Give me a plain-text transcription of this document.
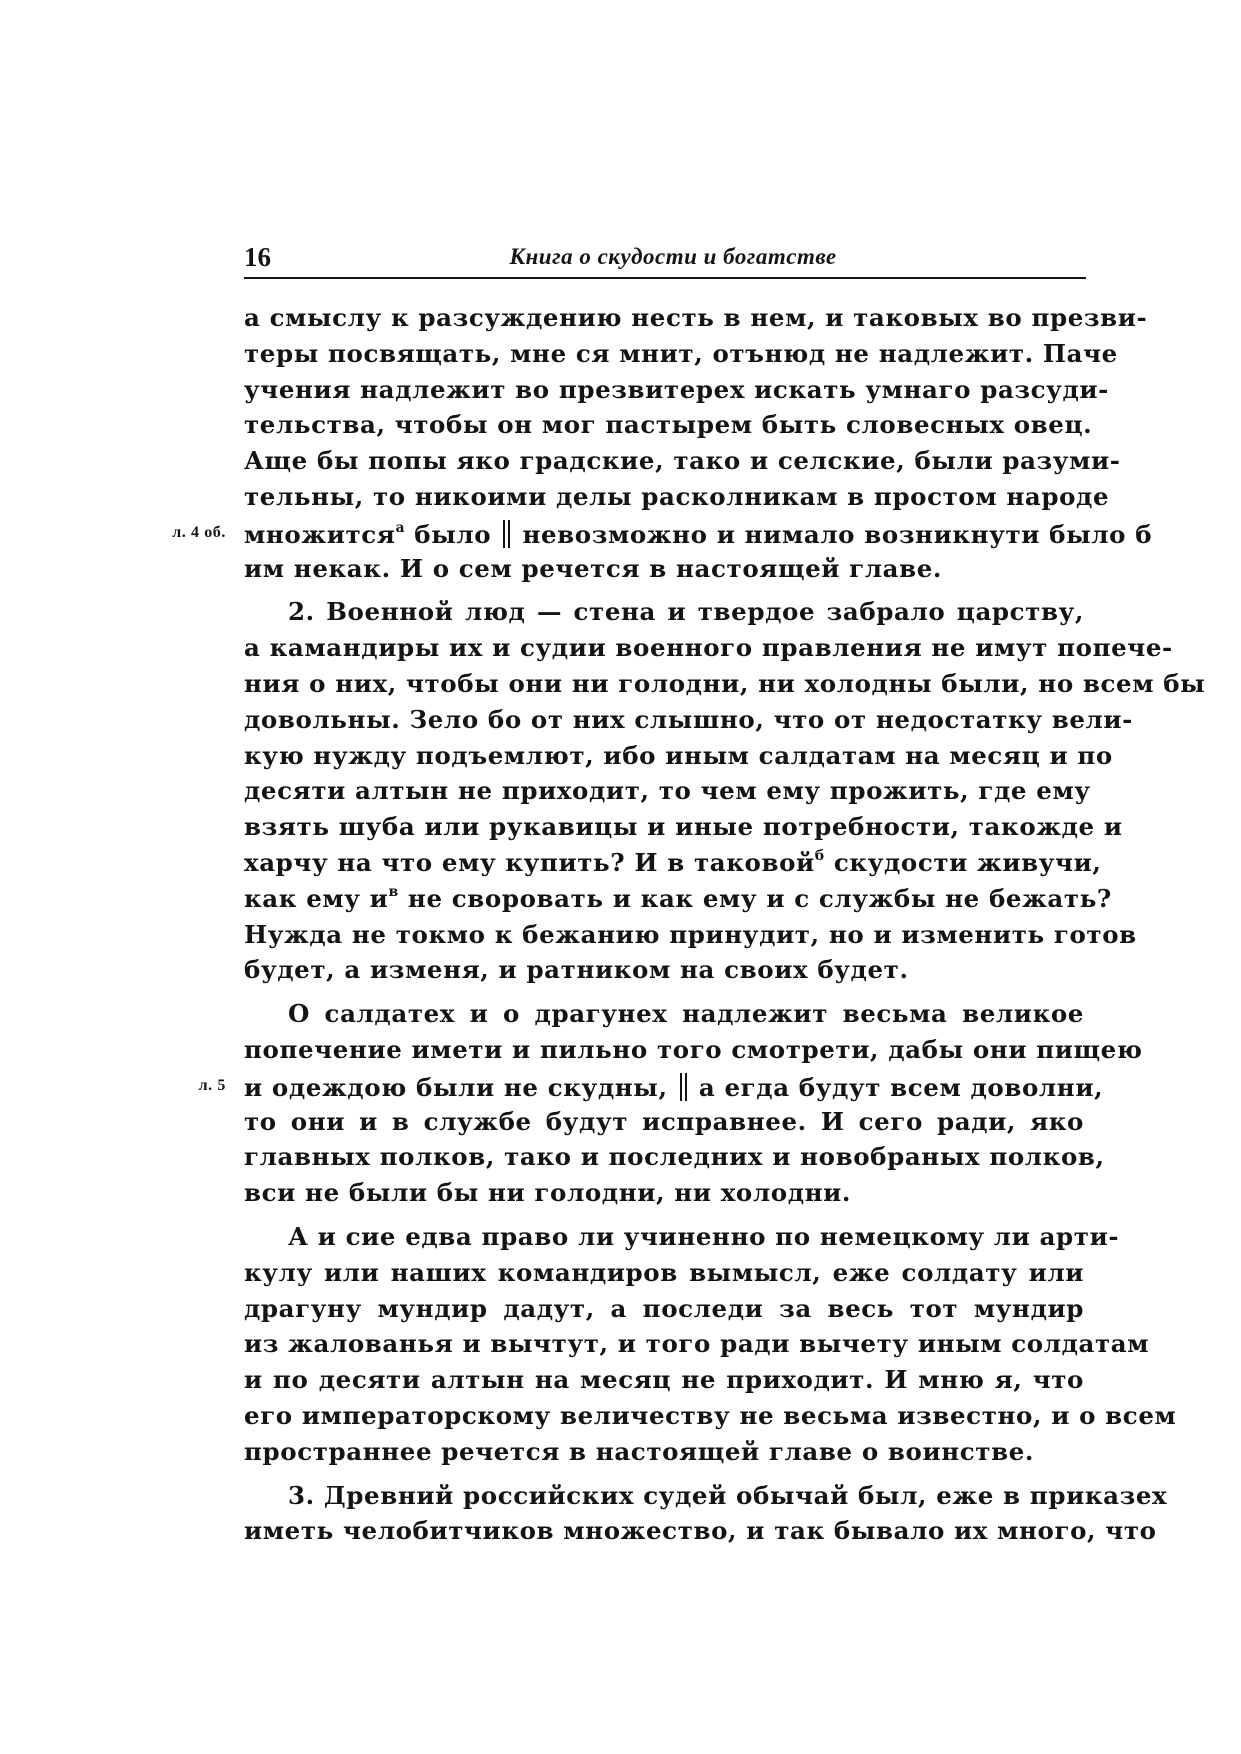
16	Книга о скудости и богатстве
а смыслу к разсуждению несть в нем, и таковых во презви-
теры посвящать, мне ся мнит, отънюд не надлежит. Паче
учения надлежит во презвитерех искать умнаго разсуди-
тельства, чтобы он мог пастырем быть словесных овец.
Аще бы попы яко градские, тако и селские, были разуми-
тельны, то никоими делы расколникам в простом народе
л. 4 об. множится$^а$ было  невозможно и нимало возникнути было б
им некак. И о сем речется в настоящей главе.
2. Военной люд — стена и твердое забрало царству,
а камандиры их и судии военного правления не имут попече-
ния о них, чтобы они ни голодни, ни холодны были, но всем бы
довольны. Зело бо от них слышно, что от недостатку вели-
кую нужду подъемлют, ибо иным салдатам на месяц и по
десяти алтын не приходит, то чем ему прожить, где ему
взять шуба или рукавицы и иные потребности, такожде и
харчу на что ему купить? И в таковой$^б$ скудости живучи,
как ему и$^в$ не своровать и как ему и с службы не бежать?
Нужда не токмо к бежанию принудит, но и изменить готов
будет, а изменя, и ратником на своих будет.
О салдатех и о драгунех надлежит весьма великое
попечение имети и пильно того смотрети, дабы они пищею
л. 5 и одеждою были не скудны,  а егда будут всем доволни,
то они и в службе будут исправнее. И сего ради, яко
главных полков, тако и последних и новобраных полков,
вси не были бы ни голодни, ни холодни.
А и сие едва право ли учиненно по немецкому ли арти-
кулу или наших командиров вымысл, еже солдату или
драгуну мундир дадут, а последи за весь тот мундир
из жалованья и вычтут, и того ради вычету иным солдатам
и по десяти алтын на месяц не приходит. И мню я, что
его императорскому величеству не весьма известно, и о всем
пространнее речется в настоящей главе о воинстве.
3. Древний российских судей обычай был, еже в приказех
иметь челобитчиков множество, и так бывало их много, что
